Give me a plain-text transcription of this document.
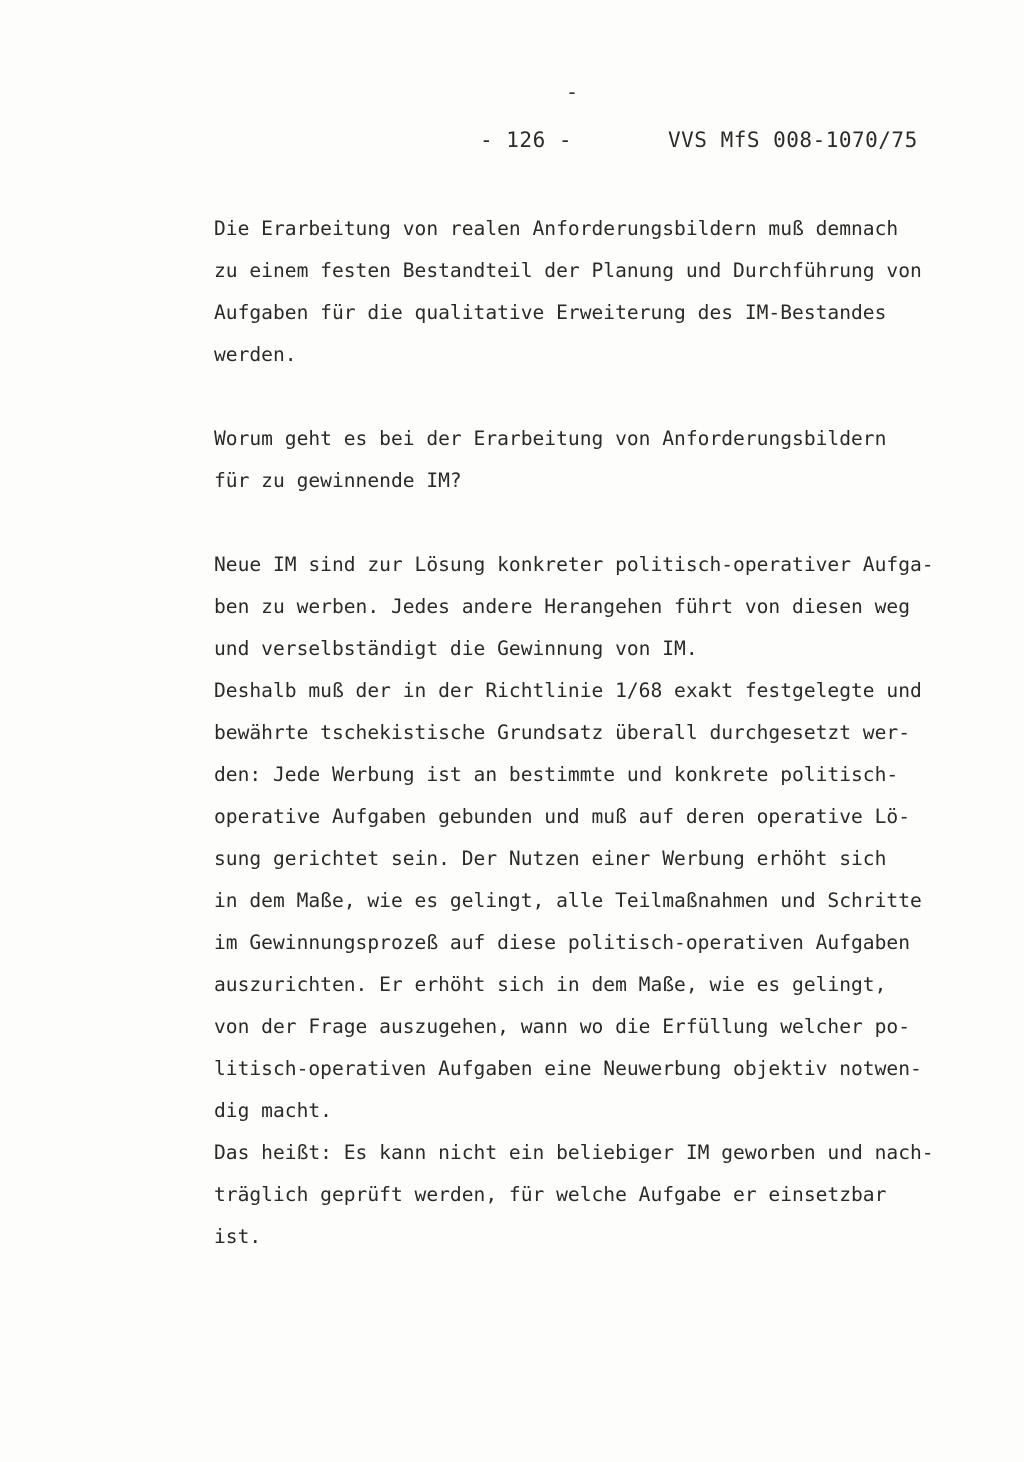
-
- 126 -	VVS MfS 008-1070/75
Die Erarbeitung von realen Anforderungsbildern muß demnach
zu einem festen Bestandteil der Planung und Durchführung von
Aufgaben für die qualitative Erweiterung des IM-Bestandes
werden.
Worum geht es bei der Erarbeitung von Anforderungsbildern
für zu gewinnende IM?
Neue IM sind zur Lösung konkreter politisch-operativer Aufga-
ben zu werben. Jedes andere Herangehen führt von diesen weg
und verselbständigt die Gewinnung von IM.
Deshalb muß der in der Richtlinie 1/68 exakt festgelegte und
bewährte tschekistische Grundsatz überall durchgesetzt wer-
den: Jede Werbung ist an bestimmte und konkrete politisch-
operative Aufgaben gebunden und muß auf deren operative Lö-
sung gerichtet sein. Der Nutzen einer Werbung erhöht sich
in dem Maße, wie es gelingt, alle Teilmaßnahmen und Schritte
im Gewinnungsprozeß auf diese politisch-operativen Aufgaben
auszurichten. Er erhöht sich in dem Maße, wie es gelingt,
von der Frage auszugehen, wann wo die Erfüllung welcher po-
litisch-operativen Aufgaben eine Neuwerbung objektiv notwen-
dig macht.
Das heißt: Es kann nicht ein beliebiger IM geworben und nach-
träglich geprüft werden, für welche Aufgabe er einsetzbar
ist.
